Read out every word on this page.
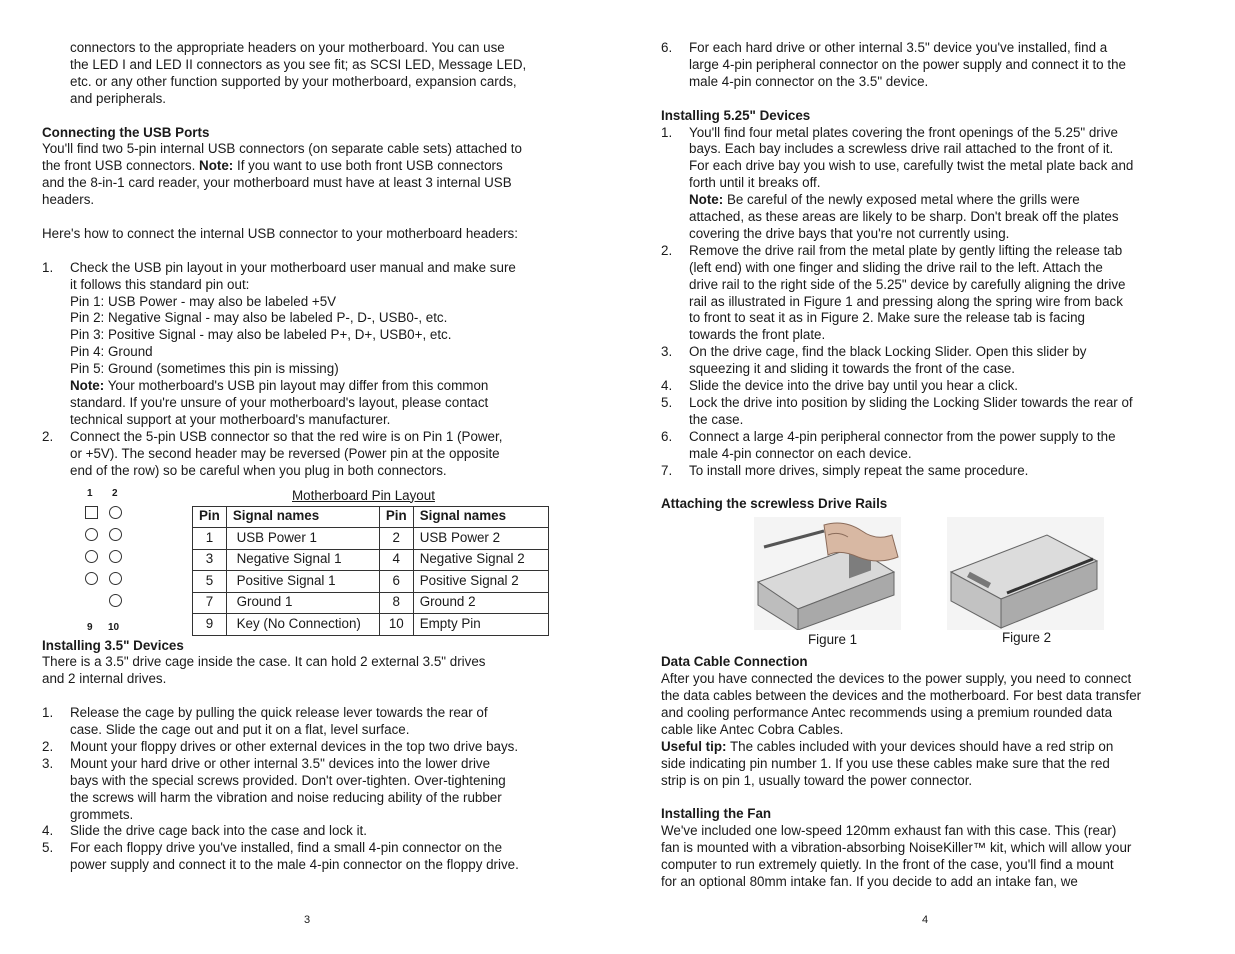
connectors to the appropriate headers on your motherboard. You can use
the LED I and LED II connectors as you see fit; as SCSI LED, Message LED,
etc. or any other function supported by your motherboard, expansion cards,
and peripherals.

Connecting the USB Ports

You'll find two 5-pin internal USB connectors (on separate cable sets) attached to
the front USB connectors. Note: If you want to use both front USB connectors
and the 8-in-1 card reader, your motherboard must have at least 3 internal USB
headers.

Here's how to connect the internal USB connector to your motherboard headers:

1. Check the USB pin layout in your motherboard user manual and make sure
it follows this standard pin out:
Pin 1: USB Power - may also be labeled +5V
Pin 2: Negative Signal - may also be labeled P-, D-, USB0-, etc.
Pin 3: Positive Signal - may also be labeled P+, D+, USB0+, etc.
Pin 4: Ground
Pin 5: Ground (sometimes this pin is missing)
Note: Your motherboard's USB pin layout may differ from this common
standard. If you're unsure of your motherboard's layout, please contact
technical support at your motherboard's manufacturer.
2. Connect the 5-pin USB connector so that the red wire is on Pin 1 (Power,
or +5V). The second header may be reversed (Power pin at the opposite
end of the row) so be careful when you plug in both connectors.
1 2
9 10
Motherboard Pin Layout
Pin	Signal names	Pin	Signal names
1	USB Power 1	2	USB Power 2
3	Negative Signal 1	4	Negative Signal 2
5	Positive Signal 1	6	Positive Signal 2
7	Ground 1	8	Ground 2
9	Key (No Connection)	10	Empty Pin

Installing 3.5" Devices

There is a 3.5" drive cage inside the case. It can hold 2 external 3.5" drives
and 2 internal drives.
1. Release the cage by pulling the quick release lever towards the rear of
case. Slide the cage out and put it on a flat, level surface.
2. Mount your floppy drives or other external devices in the top two drive bays.
3. Mount your hard drive or other internal 3.5" devices into the lower drive
bays with the special screws provided. Don't over-tighten. Over-tightening
the screws will harm the vibration and noise reducing ability of the rubber
grommets.
4. Slide the drive cage back into the case and lock it.
5. For each floppy drive you've installed, find a small 4-pin connector on the
power supply and connect it to the male 4-pin connector on the floppy drive.
3
6. For each hard drive or other internal 3.5" device you've installed, find a
large 4-pin peripheral connector on the power supply and connect it to the
male 4-pin connector on the 3.5" device.

Installing 5.25" Devices

1. You'll find four metal plates covering the front openings of the 5.25" drive
bays. Each bay includes a screwless drive rail attached to the front of it.
For each drive bay you wish to use, carefully twist the metal plate back and
forth until it breaks off.
Note: Be careful of the newly exposed metal where the grills were
attached, as these areas are likely to be sharp. Don't break off the plates
covering the drive bays that you're not currently using.
2. Remove the drive rail from the metal plate by gently lifting the release tab
(left end) with one finger and sliding the drive rail to the left. Attach the
drive rail to the right side of the 5.25" device by carefully aligning the drive
rail as illustrated in Figure 1 and pressing along the spring wire from back
to front to seat it as in Figure 2. Make sure the release tab is facing
towards the front plate.
3. On the drive cage, find the black Locking Slider. Open this slider by
squeezing it and sliding it towards the front of the case.
4. Slide the device into the drive bay until you hear a click.
5. Lock the drive into position by sliding the Locking Slider towards the rear of
the case.
6. Connect a large 4-pin peripheral connector from the power supply to the
male 4-pin connector on each device.
7. To install more drives, simply repeat the same procedure.

Attaching the screwless Drive Rails

Figure 1	Figure 2

Data Cable Connection

After you have connected the devices to the power supply, you need to connect
the data cables between the devices and the motherboard. For best data transfer
and cooling performance Antec recommends using a premium rounded data
cable like Antec Cobra Cables.
Useful tip: The cables included with your devices should have a red strip on
side indicating pin number 1. If you use these cables make sure that the red
strip is on pin 1, usually toward the power connector.

Installing the Fan

We've included one low-speed 120mm exhaust fan with this case. This (rear)
fan is mounted with a vibration-absorbing NoiseKiller™ kit, which will allow your
computer to run extremely quietly. In the front of the case, you'll find a mount
for an optional 80mm intake fan. If you decide to add an intake fan, we
4
